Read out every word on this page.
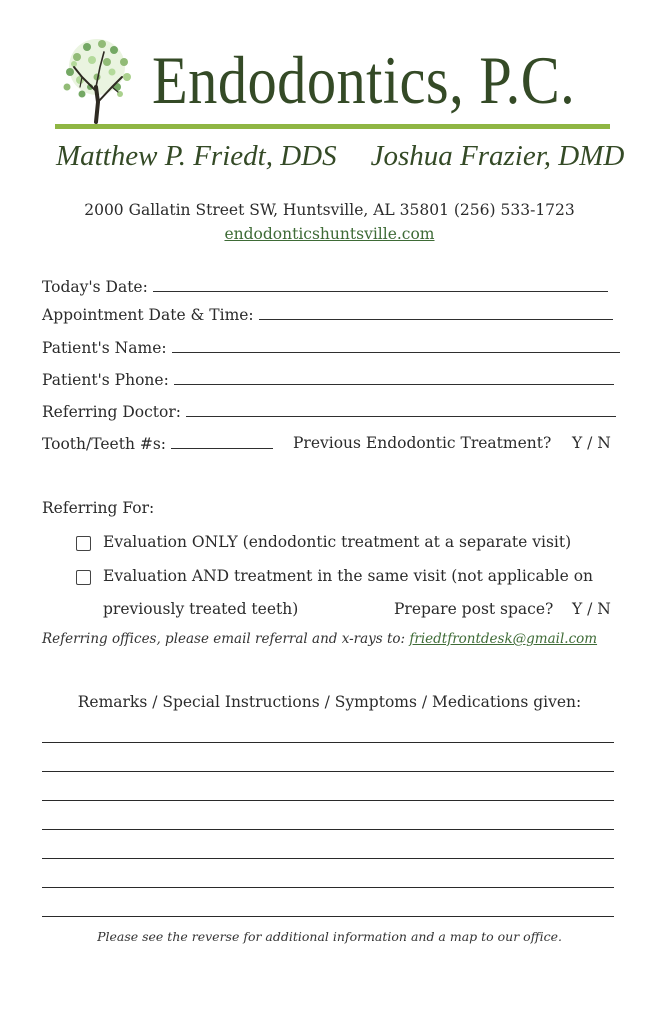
Endodontics, P.C.
Matthew P. Friedt, DDS Joshua Frazier, DMD
2000 Gallatin Street SW, Huntsville, AL 35801 (256) 533-1723
endodonticshuntsville.com
Today's Date:
Appointment Date & Time:
Patient's Name:
Patient's Phone:
Referring Doctor:
Tooth/Teeth #s:	Previous Endodontic Treatment? Y / N
Referring For:
Evaluation ONLY (endodontic treatment at a separate visit)
Evaluation AND treatment in the same visit (not applicable on
previously treated teeth)	Prepare post space? Y / N
Referring offices, please email referral and x-rays to: friedtfrontdesk@gmail.com
Remarks / Special Instructions / Symptoms / Medications given:
Please see the reverse for additional information and a map to our office.
